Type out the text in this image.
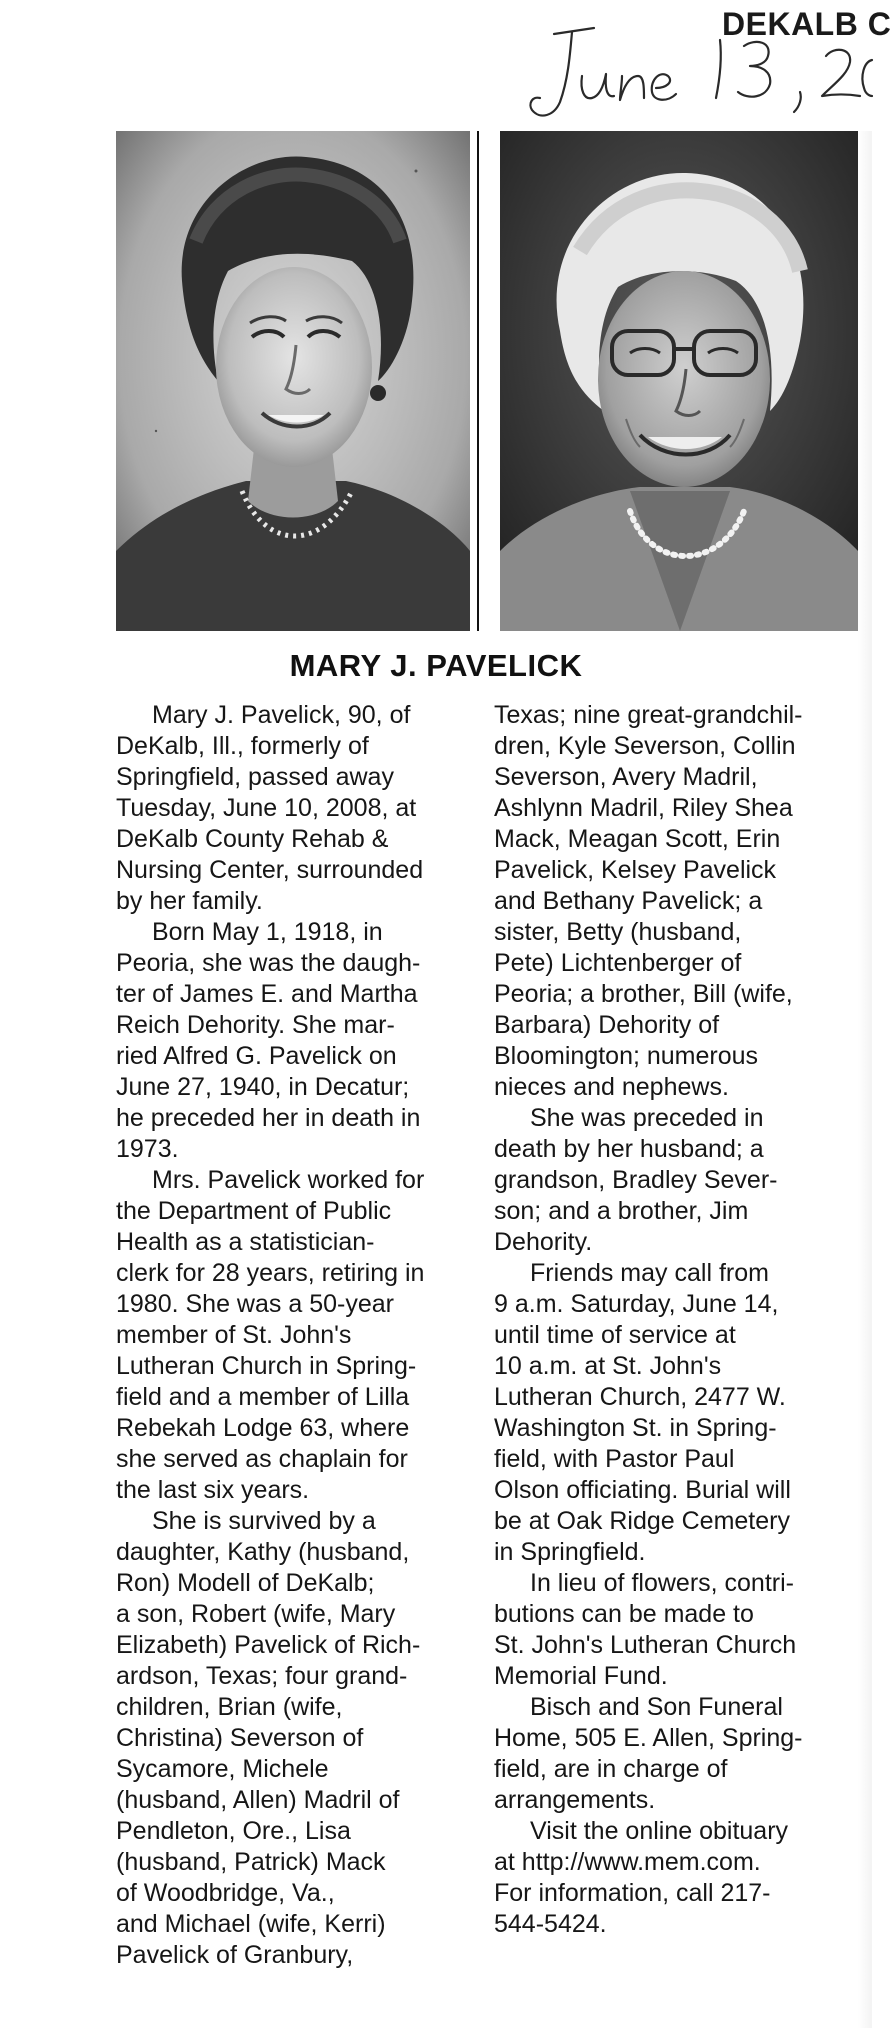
DEKALB C
MARY J. PAVELICK
Mary J. Pavelick, 90, of
DeKalb, Ill., formerly of
Springfield, passed away
Tuesday, June 10, 2008, at
DeKalb County Rehab &
Nursing Center, surrounded
by her family.
Born May 1, 1918, in
Peoria, she was the daugh-
ter of James E. and Martha
Reich Dehority. She mar-
ried Alfred G. Pavelick on
June 27, 1940, in Decatur;
he preceded her in death in
1973.
Mrs. Pavelick worked for
the Department of Public
Health as a statistician-
clerk for 28 years, retiring in
1980. She was a 50-year
member of St. John's
Lutheran Church in Spring-
field and a member of Lilla
Rebekah Lodge 63, where
she served as chaplain for
the last six years.
She is survived by a
daughter, Kathy (husband,
Ron) Modell of DeKalb;
a son, Robert (wife, Mary
Elizabeth) Pavelick of Rich-
ardson, Texas; four grand-
children, Brian (wife,
Christina) Severson of
Sycamore, Michele
(husband, Allen) Madril of
Pendleton, Ore., Lisa
(husband, Patrick) Mack
of Woodbridge, Va.,
and Michael (wife, Kerri)
Pavelick of Granbury,
Texas; nine great-grandchil-
dren, Kyle Severson, Collin
Severson, Avery Madril,
Ashlynn Madril, Riley Shea
Mack, Meagan Scott, Erin
Pavelick, Kelsey Pavelick
and Bethany Pavelick; a
sister, Betty (husband,
Pete) Lichtenberger of
Peoria; a brother, Bill (wife,
Barbara) Dehority of
Bloomington; numerous
nieces and nephews.
She was preceded in
death by her husband; a
grandson, Bradley Sever-
son; and a brother, Jim
Dehority.
Friends may call from
9 a.m. Saturday, June 14,
until time of service at
10 a.m. at St. John's
Lutheran Church, 2477 W.
Washington St. in Spring-
field, with Pastor Paul
Olson officiating. Burial will
be at Oak Ridge Cemetery
in Springfield.
In lieu of flowers, contri-
butions can be made to
St. John's Lutheran Church
Memorial Fund.
Bisch and Son Funeral
Home, 505 E. Allen, Spring-
field, are in charge of
arrangements.
Visit the online obituary
at http://www.mem.com.
For information, call 217-
544-5424.
